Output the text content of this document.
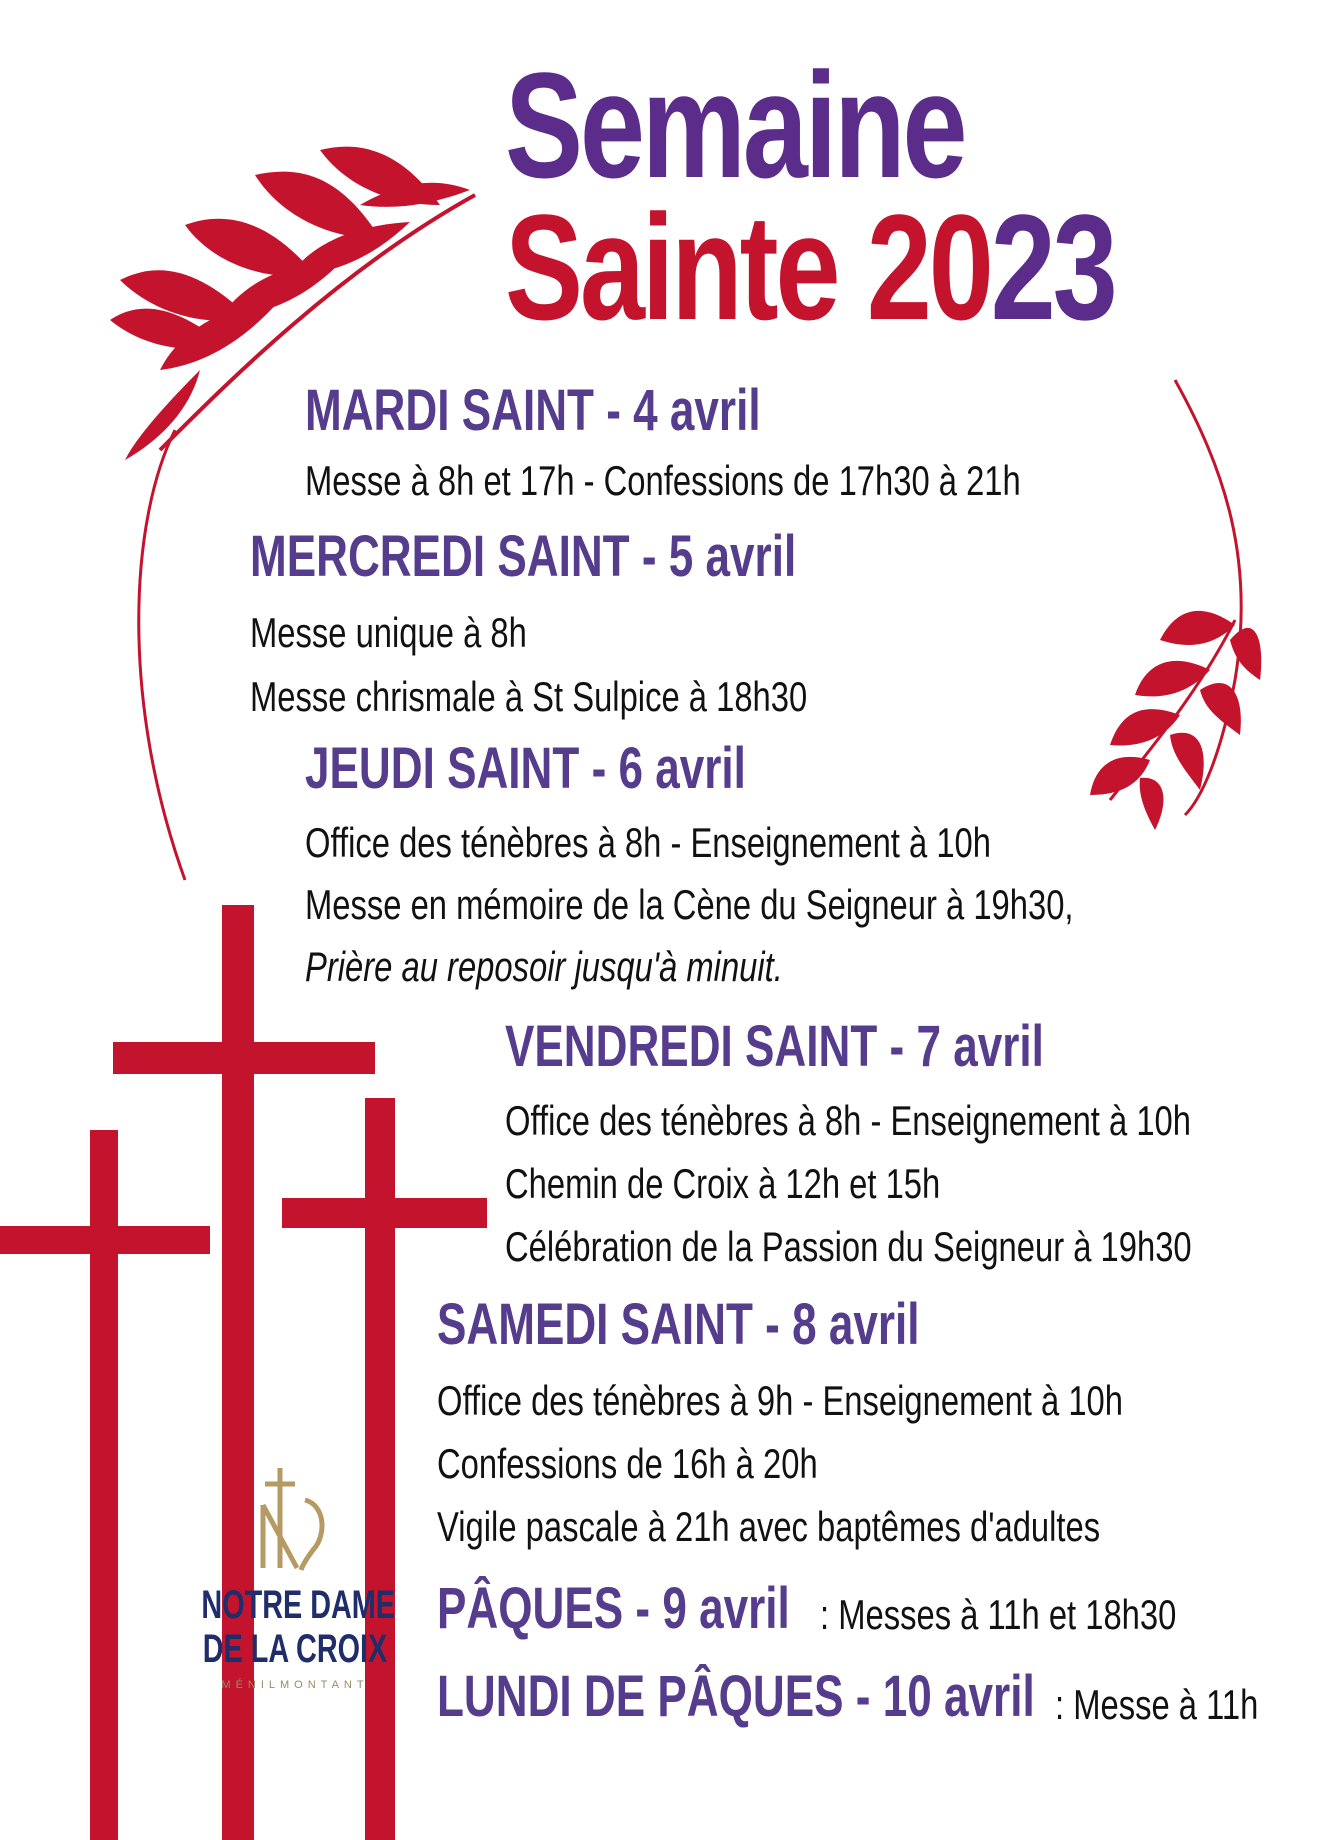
Semaine
Sainte 2023
MARDI SAINT - 4 avril
Messe à 8h et 17h - Confessions de 17h30 à 21h
MERCREDI SAINT - 5 avril
Messe unique à 8h
Messe chrismale à St Sulpice à 18h30
JEUDI SAINT - 6 avril
Office des ténèbres à 8h - Enseignement à 10h
Messe en mémoire de la Cène du Seigneur à 19h30,
Prière au reposoir jusqu'à minuit.
VENDREDI SAINT - 7 avril
Office des ténèbres à 8h - Enseignement à 10h
Chemin de Croix à 12h et 15h
Célébration de la Passion du Seigneur à 19h30
SAMEDI SAINT - 8 avril
Office des ténèbres à 9h - Enseignement à 10h
Confessions de 16h à 20h
Vigile pascale à 21h avec baptêmes d'adultes
PÂQUES - 9 avril : Messes à 11h et 18h30
LUNDI DE PÂQUES - 10 avril : Messe à 11h
NOTRE DAME
DE LA CROIX
MÉNILMONTANT
